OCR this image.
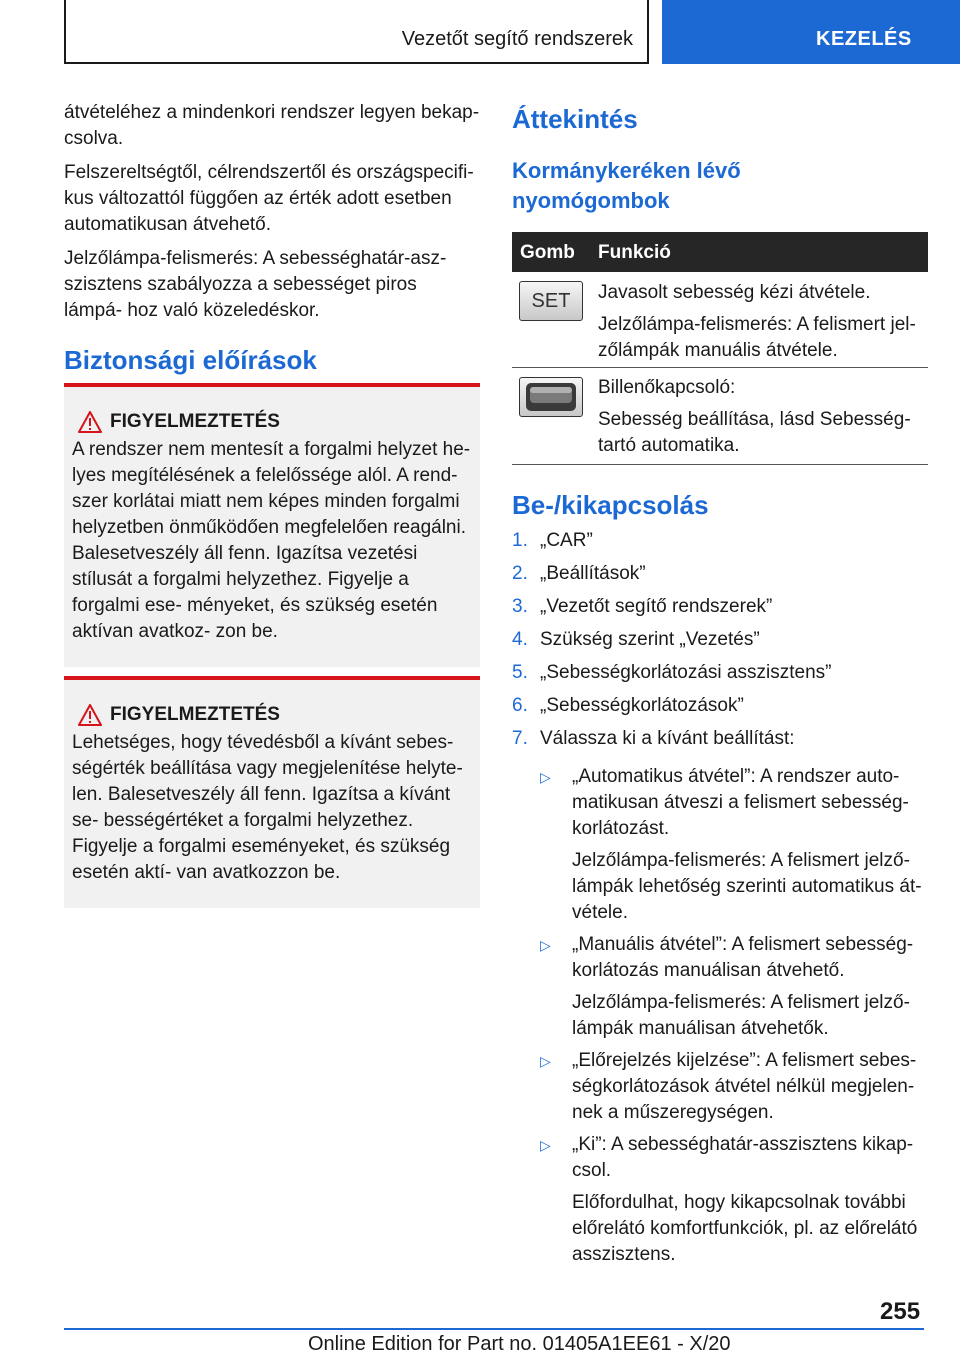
Vezetőt segítő rendszerek	KEZELÉS
átvételéhez a mindenkori rendszer legyen bekap- csolva.
Felszereltségtől, célrendszertől és országspecifi- kus változattól függően az érték adott esetben automatikusan átvehető.
Jelzőlámpa-felismerés: A sebességhatár-asz- szisztens szabályozza a sebességet piros lámpá- hoz való közeledéskor.
Biztonsági előírások
FIGYELMEZTETÉS
A rendszer nem mentesít a forgalmi helyzet he- lyes megítélésének a felelőssége alól. A rend- szer korlátai miatt nem képes minden forgalmi helyzetben önműködően megfelelően reagálni. Balesetveszély áll fenn. Igazítsa vezetési stílusát a forgalmi helyzethez. Figyelje a forgalmi ese- ményeket, és szükség esetén aktívan avatkoz- zon be.
FIGYELMEZTETÉS
Lehetséges, hogy tévedésből a kívánt sebes- ségérték beállítása vagy megjelenítése helyte- len. Balesetveszély áll fenn. Igazítsa a kívánt se- bességértéket a forgalmi helyzethez. Figyelje a forgalmi eseményeket, és szükség esetén aktí- van avatkozzon be.
Áttekintés
Kormánykeréken lévő nyomógombok
Gomb Funkció
SET	Javasolt sebesség kézi átvétele.
Jelzőlámpa-felismerés: A felismert jel- zőlámpák manuális átvétele.
Billenőkapcsoló:
Sebesség beállítása, lásd Sebesség- tartó automatika.
Be-/kikapcsolás
1. „CAR”
2. „Beállítások”
3. „Vezetőt segítő rendszerek”
4. Szükség szerint „Vezetés”
5. „Sebességkorlátozási asszisztens”
6. „Sebességkorlátozások”
7. Válassza ki a kívánt beállítást:
▷ „Automatikus átvétel”: A rendszer auto- matikusan átveszi a felismert sebesség- korlátozást.
Jelzőlámpa-felismerés: A felismert jelző- lámpák lehetőség szerinti automatikus át- vétele.
▷ „Manuális átvétel”: A felismert sebesség- korlátozás manuálisan átvehető.
Jelzőlámpa-felismerés: A felismert jelző- lámpák manuálisan átvehetők.
▷ „Előrejelzés kijelzése”: A felismert sebes- ségkorlátozások átvétel nélkül megjelen- nek a műszeregységen.
▷ „Ki”: A sebességhatár-asszisztens kikap- csol.
Előfordulhat, hogy kikapcsolnak további előrelátó komfortfunkciók, pl. az előrelátó asszisztens.
255
Online Edition for Part no. 01405A1EE61 - X/20
